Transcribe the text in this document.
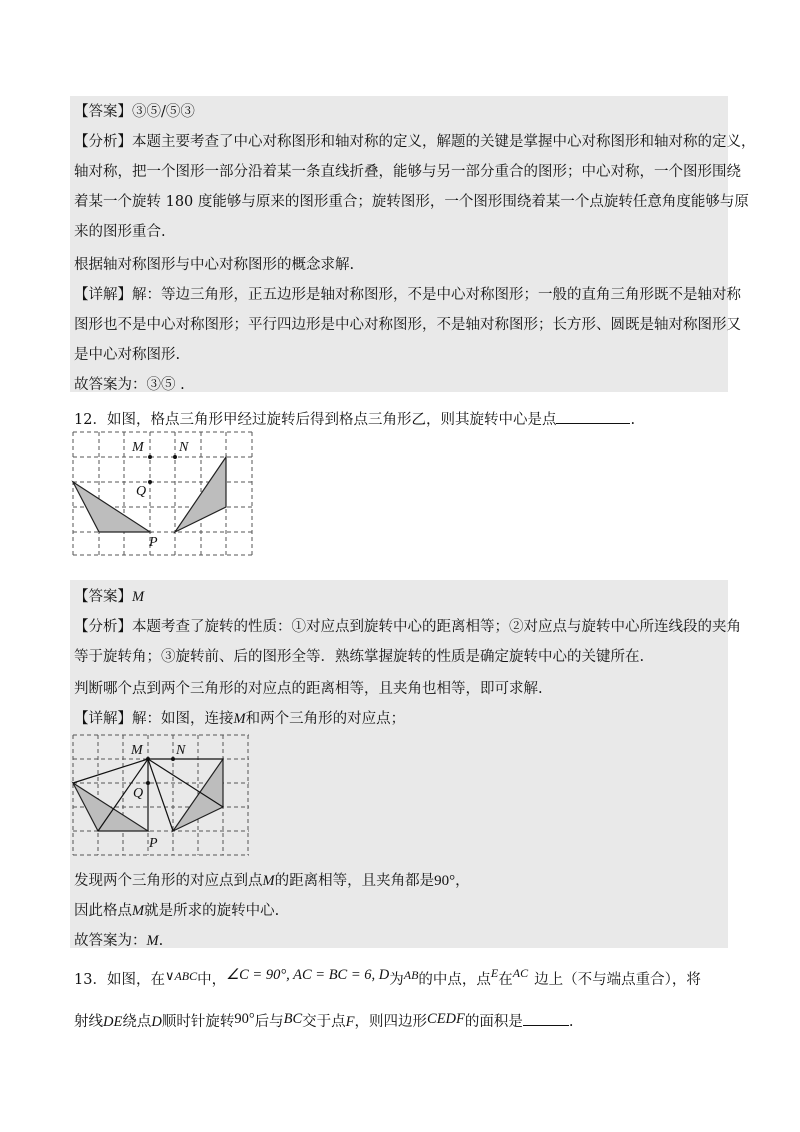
【答案】③⑤/⑤③
【分析】本题主要考查了中心对称图形和轴对称的定义，解题的关键是掌握中心对称图形和轴对称的定义，
轴对称，把一个图形一部分沿着某一条直线折叠，能够与另一部分重合的图形；中心对称，一个图形围绕
着某一个旋转 180 度能够与原来的图形重合；旋转图形，一个图形围绕着某一个点旋转任意角度能够与原
来的图形重合.
根据轴对称图形与中心对称图形的概念求解.
【详解】解：等边三角形，正五边形是轴对称图形，不是中心对称图形；一般的直角三角形既不是轴对称
图形也不是中心对称图形；平行四边形是中心对称图形，不是轴对称图形；长方形、圆既是轴对称图形又
是中心对称图形.
故答案为：③⑤ .
12．如图，格点三角形甲经过旋转后得到格点三角形乙，则其旋转中心是点	.
M	N
Q
P
【答案】M
【分析】本题考查了旋转的性质：①对应点到旋转中心的距离相等；②对应点与旋转中心所连线段的夹角
等于旋转角；③旋转前、后的图形全等．熟练掌握旋转的性质是确定旋转中心的关键所在.
判断哪个点到两个三角形的对应点的距离相等，且夹角也相等，即可求解.
【详解】解：如图，连接M和两个三角形的对应点；
M N
Q
P
发现两个三角形的对应点到点M的距离相等，且夹角都是90°，
因此格点M就是所求的旋转中心.
故答案为：M.
13．如图，在∨$^{ABC}$中，∠C = 90°, AC = BC = 6, D为$^{AB}$的中点，点$^E$在$^{AC}$ 边上（不与端点重合），将
射线DE绕点D顺时针旋转90°后与BC交于点F，则四边形CEDF的面积是	.
